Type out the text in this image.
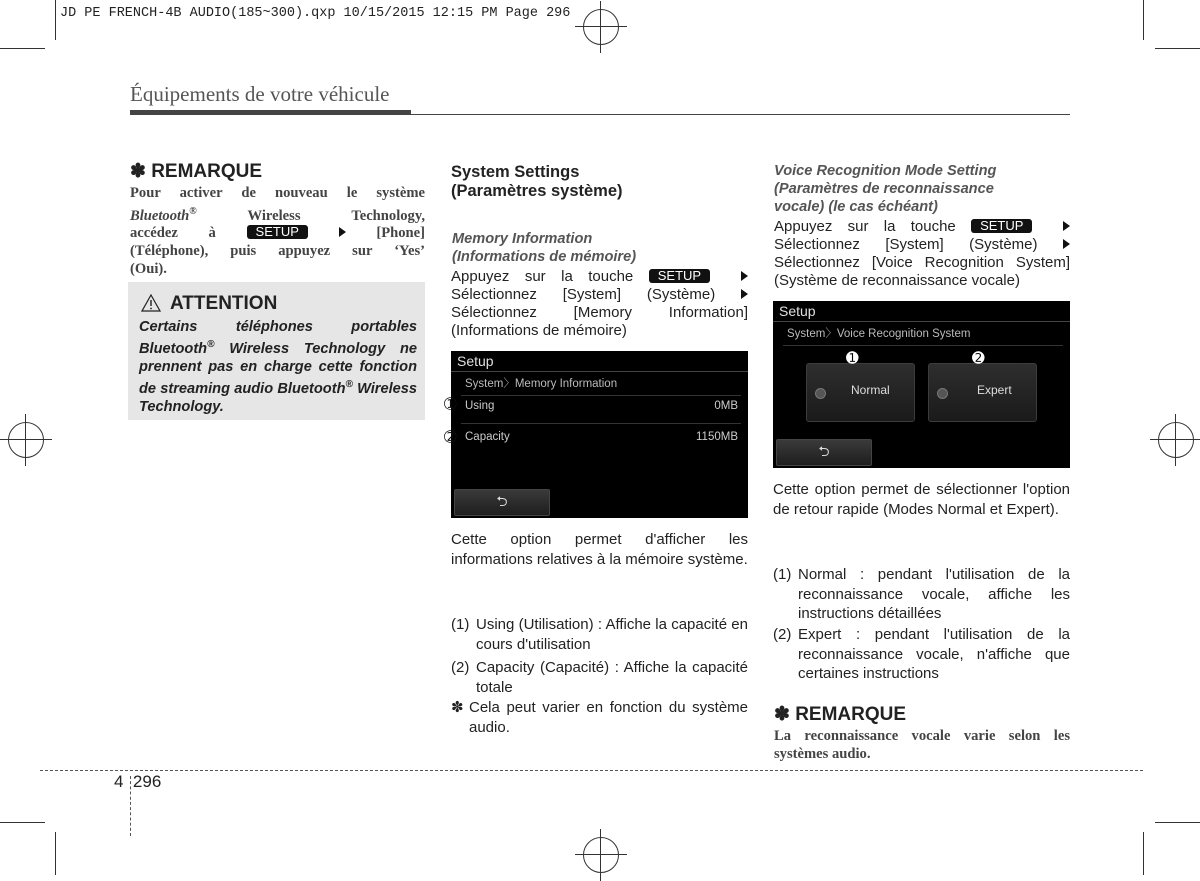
JD PE FRENCH-4B AUDIO(185~300).qxp 10/15/2015 12:15 PM Page 296
Équipements de votre véhicule
✽ REMARQUE
Pour activer de nouveau le système
Bluetooth®	Wireless Technology,
accédez à	SETUP	[Phone]
(Téléphone), puis appuyez sur ‘Yes’
(Oui).
ATTENTION
Certains téléphones portables
Bluetooth® Wireless Technology ne prennent pas en charge cette fonction de streaming audio Bluetooth® Wireless Technology.
System Settings
(Paramètres système)
Memory Information
(Informations de mémoire)
Appuyez sur la touche SETUP
Sélectionnez [System] (Système)
Sélectionnez [Memory Information]
(Informations de mémoire)
Setup
System〉Memory Information
Using	0MB
Capacity	1150MB
⮌
➀
➁
Cette option permet d'afficher les informations relatives à la mémoire système.
(1) Using (Utilisation) : Affiche la capacité en cours d'utilisation
(2) Capacity (Capacité) : Affiche la capacité totale
✽ Cela peut varier en fonction du système audio.
Voice Recognition Mode Setting
(Paramètres de reconnaissance
vocale) (le cas échéant)
Appuyez sur la touche SETUP
Sélectionnez [System] (Système)
Sélectionnez [Voice Recognition System]
(Système de reconnaissance vocale)
Setup
System〉Voice Recognition System
Normal	Expert
⮌
➊	➋
Cette option permet de sélectionner l'option de retour rapide (Modes Normal et Expert).
(1) Normal : pendant l'utilisation de la reconnaissance vocale, affiche les instructions détaillées
(2) Expert : pendant l'utilisation de la reconnaissance vocale, n'affiche que certaines instructions
✽ REMARQUE
La reconnaissance vocale varie selon les systèmes audio.
4 296
